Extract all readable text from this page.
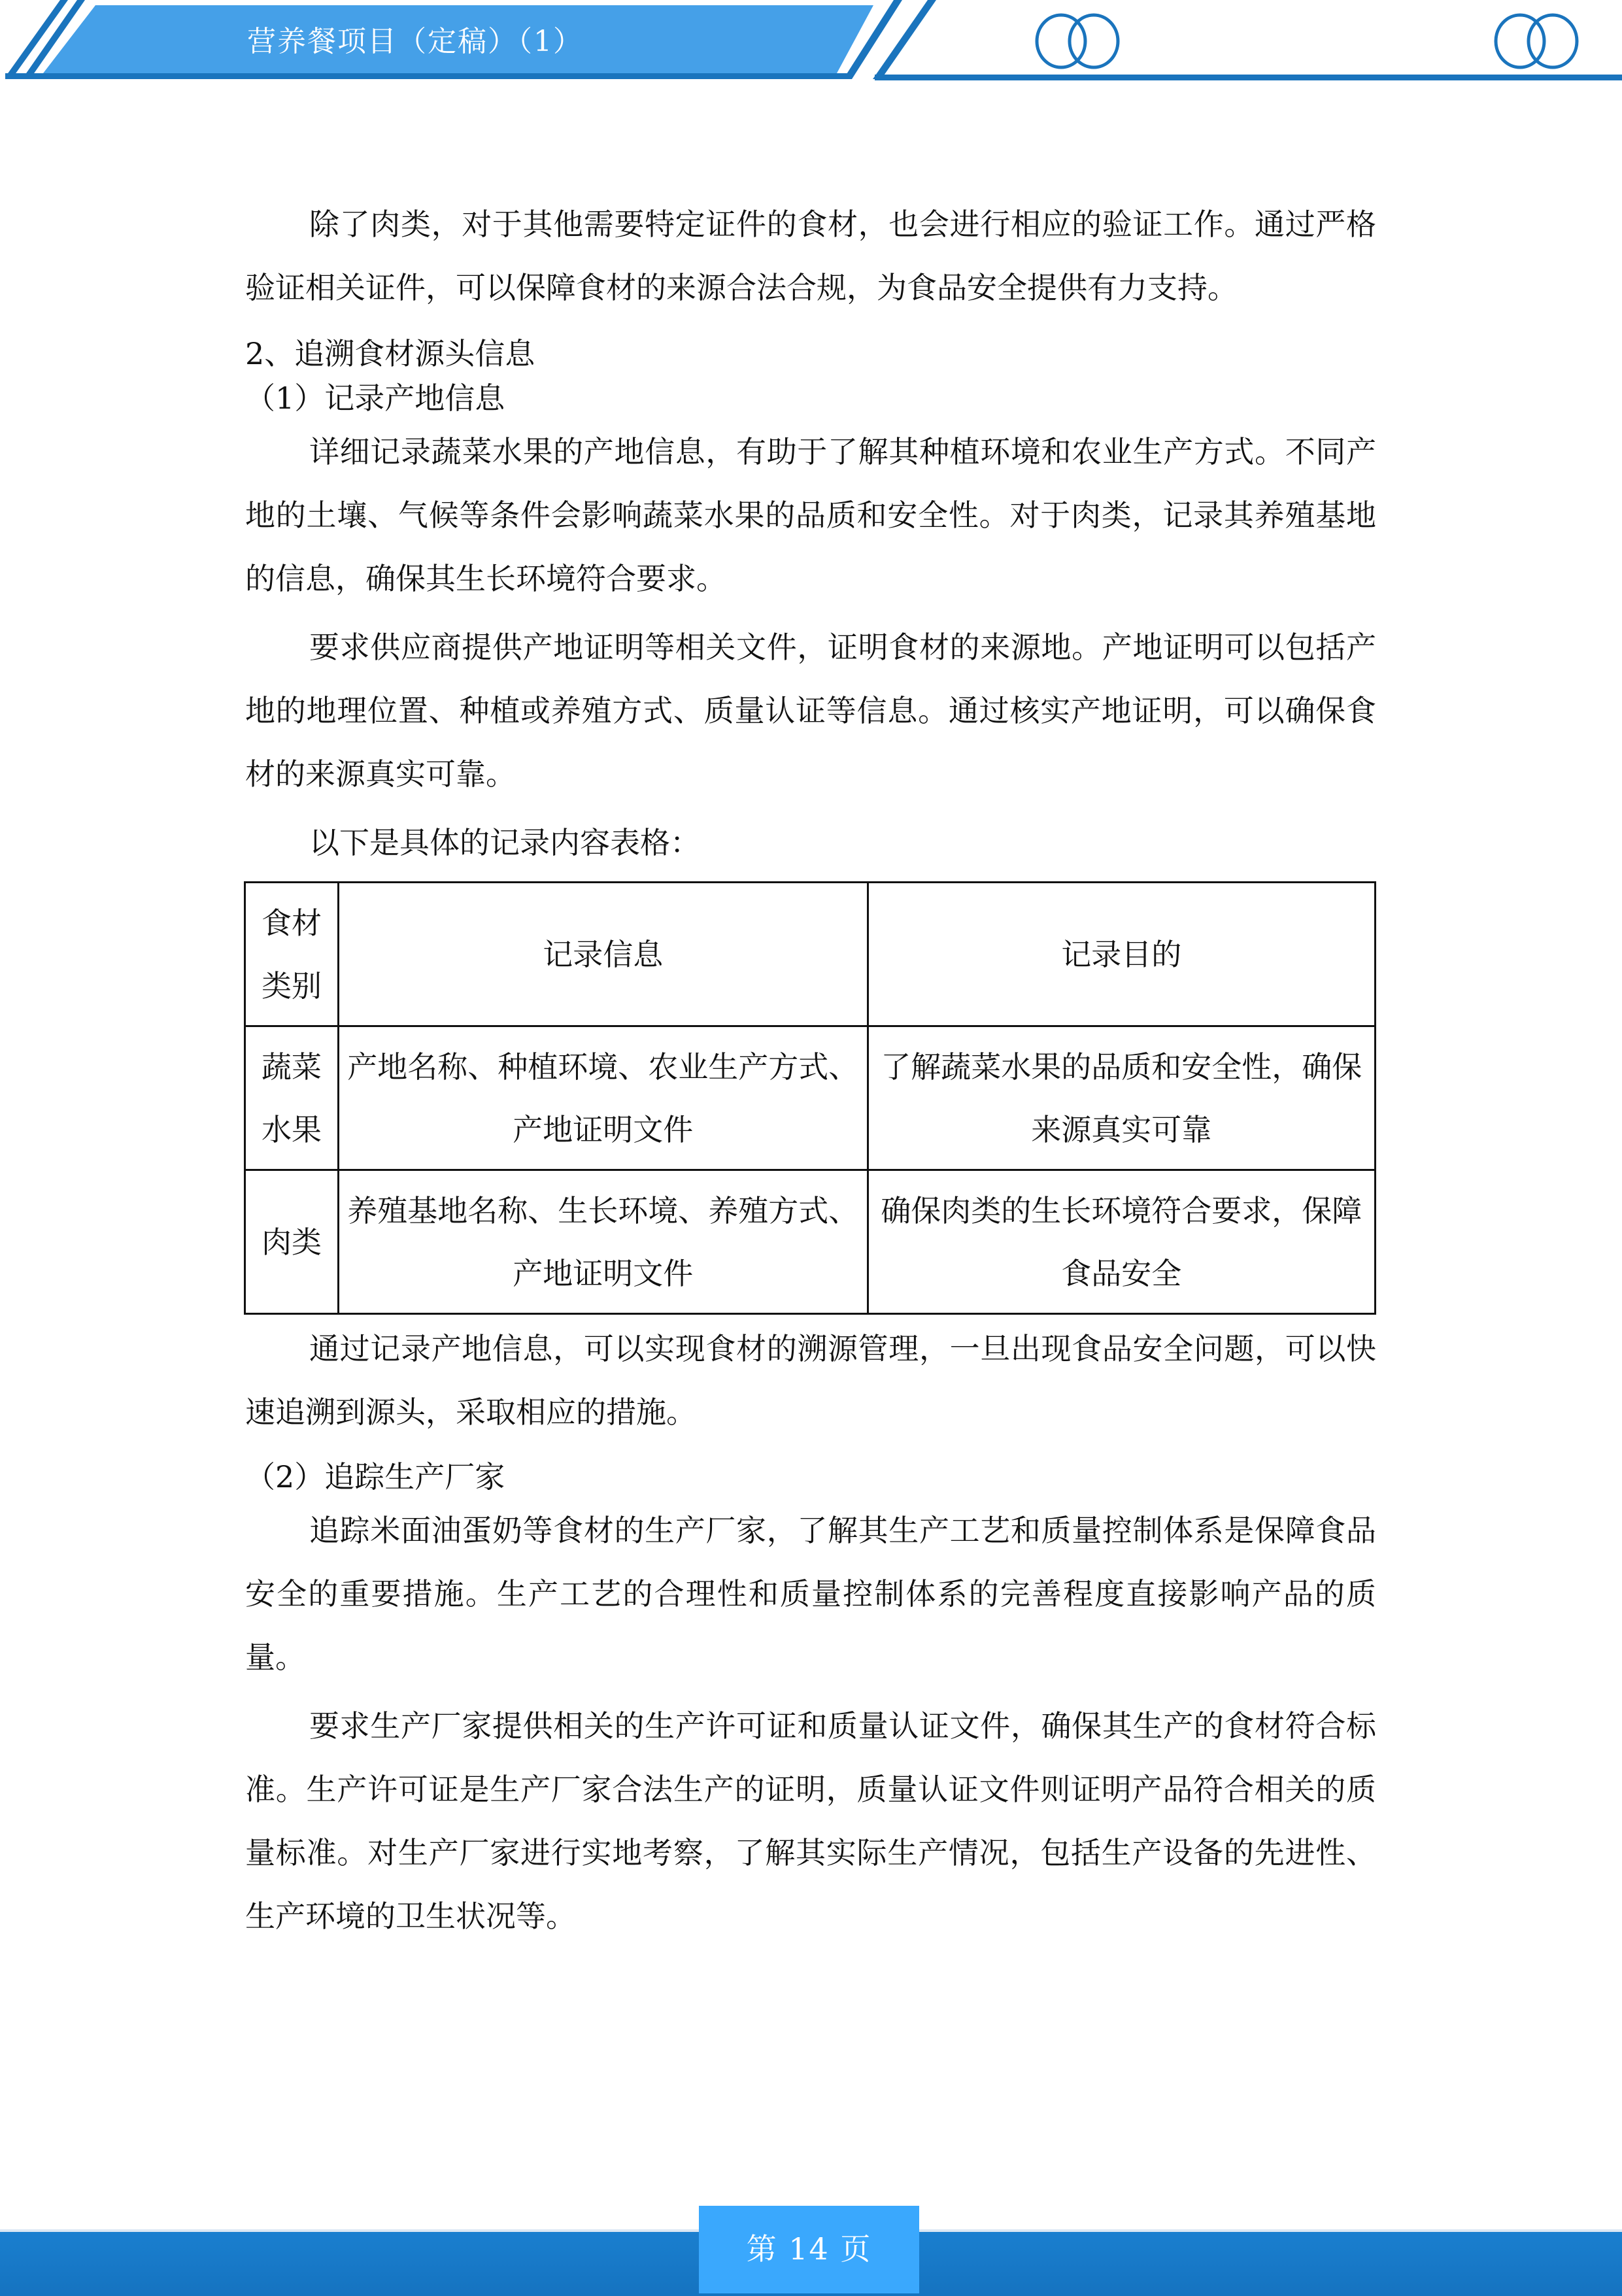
营养餐项目（定稿）（1）

除了肉类，对于其他需要特定证件的食材，也会进行相应的验证工作。通过严格验证相关证件，可以保障食材的来源合法合规，为食品安全提供有力支持。

2、追溯食材源头信息

（1）记录产地信息

详细记录蔬菜水果的产地信息，有助于了解其种植环境和农业生产方式。不同产地的土壤、气候等条件会影响蔬菜水果的品质和安全性。对于肉类，记录其养殖基地的信息，确保其生长环境符合要求。

要求供应商提供产地证明等相关文件，证明食材的来源地。产地证明可以包括产地的地理位置、种植或养殖方式、质量认证等信息。通过核实产地证明，可以确保食材的来源真实可靠。

以下是具体的记录内容表格：

食材类别	记录信息	记录目的
蔬菜水果	产地名称、种植环境、农业生产方式、产地证明文件	了解蔬菜水果的品质和安全性，确保来源真实可靠
肉类	养殖基地名称、生长环境、养殖方式、产地证明文件	确保肉类的生长环境符合要求，保障食品安全

通过记录产地信息，可以实现食材的溯源管理，一旦出现食品安全问题，可以快速追溯到源头，采取相应的措施。

（2）追踪生产厂家

追踪米面油蛋奶等食材的生产厂家，了解其生产工艺和质量控制体系是保障食品安全的重要措施。生产工艺的合理性和质量控制体系的完善程度直接影响产品的质量。

要求生产厂家提供相关的生产许可证和质量认证文件，确保其生产的食材符合标准。生产许可证是生产厂家合法生产的证明，质量认证文件则证明产品符合相关的质量标准。对生产厂家进行实地考察，了解其实际生产情况，包括生产设备的先进性、生产环境的卫生状况等。

第 14 页
